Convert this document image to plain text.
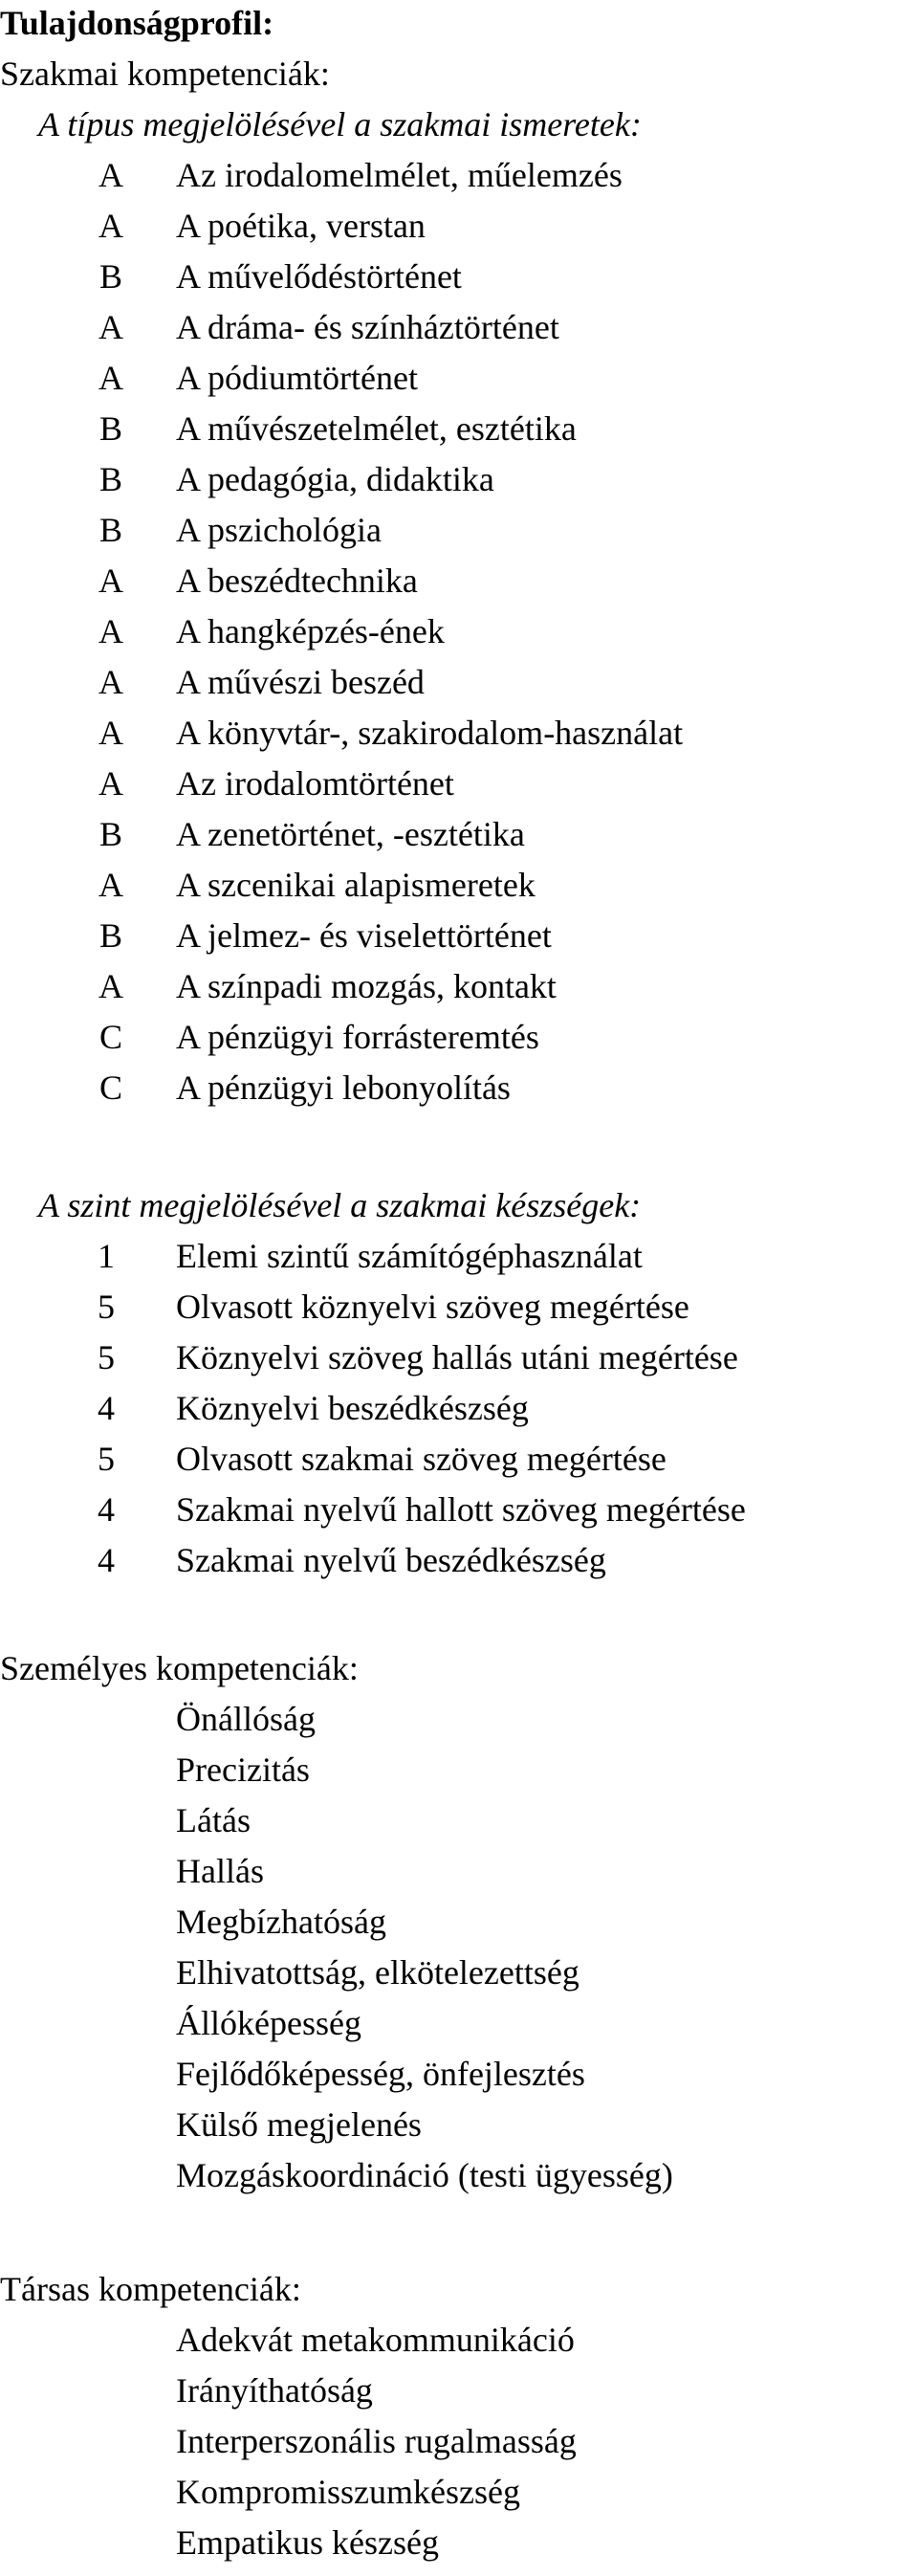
Tulajdonságprofil:
Szakmai kompetenciák:
A típus megjelölésével a szakmai ismeretek:
A Az irodalomelmélet, műelemzés
A A poétika, verstan
B A művelődéstörténet
A A dráma- és színháztörténet
A A pódiumtörténet
B A művészetelmélet, esztétika
B A pedagógia, didaktika
B A pszichológia
A A beszédtechnika
A A hangképzés-ének
A A művészi beszéd
A A könyvtár-, szakirodalom-használat
A Az irodalomtörténet
B A zenetörténet, -esztétika
A A szcenikai alapismeretek
B A jelmez- és viselettörténet
A A színpadi mozgás, kontakt
C A pénzügyi forrásteremtés
C A pénzügyi lebonyolítás
A szint megjelölésével a szakmai készségek:
1 Elemi szintű számítógéphasználat
5 Olvasott köznyelvi szöveg megértése
5 Köznyelvi szöveg hallás utáni megértése
4 Köznyelvi beszédkészség
5 Olvasott szakmai szöveg megértése
4 Szakmai nyelvű hallott szöveg megértése
4 Szakmai nyelvű beszédkészség
Személyes kompetenciák:
Önállóság
Precizitás
Látás
Hallás
Megbízhatóság
Elhivatottság, elkötelezettség
Állóképesség
Fejlődőképesség, önfejlesztés
Külső megjelenés
Mozgáskoordináció (testi ügyesség)
Társas kompetenciák:
Adekvát metakommunikáció
Irányíthatóság
Interperszonális rugalmasság
Kompromisszumkészség
Empatikus készség
